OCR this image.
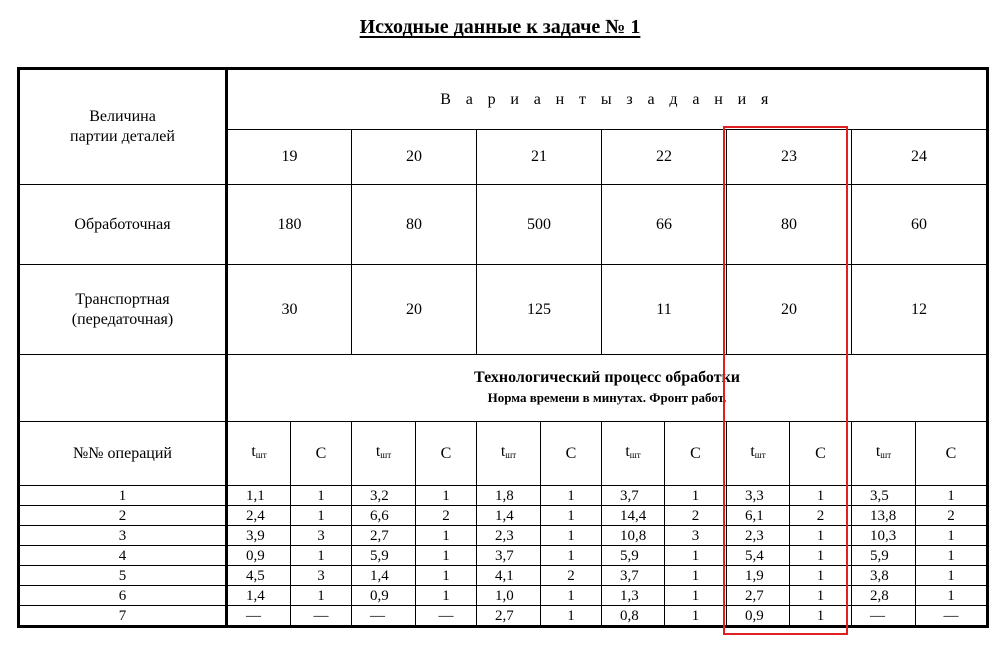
Исходные данные к задаче № 1
Величина
партии деталей	В а р и а н т ы з а д а н и я											
	19		20		21		22		23		24	
Обработочная	180		80		500		66		80		60	
Транспортная
(передаточная)	30		20		125		11		20		12	

	Технологический процесс обработки
Норма времени в минутах. Фронт работ.											

№№ операций	tшт	С	tшт	С	tшт	С	tшт	С	tшт	С	tшт	С
1	1,1	1	3,2	1	1,8	1	3,7	1	3,3	1	3,5	1
2	2,4	1	6,6	2	1,4	1	14,4	2	6,1	2	13,8	2
3	3,9	3	2,7	1	2,3	1	10,8	3	2,3	1	10,3	1
4	0,9	1	5,9	1	3,7	1	5,9	1	5,4	1	5,9	1
5	4,5	3	1,4	1	4,1	2	3,7	1	1,9	1	3,8	1
6	1,4	1	0,9	1	1,0	1	1,3	1	2,7	1	2,8	1
7	—	—	—	—	2,7	1	0,8	1	0,9	1	—	—
